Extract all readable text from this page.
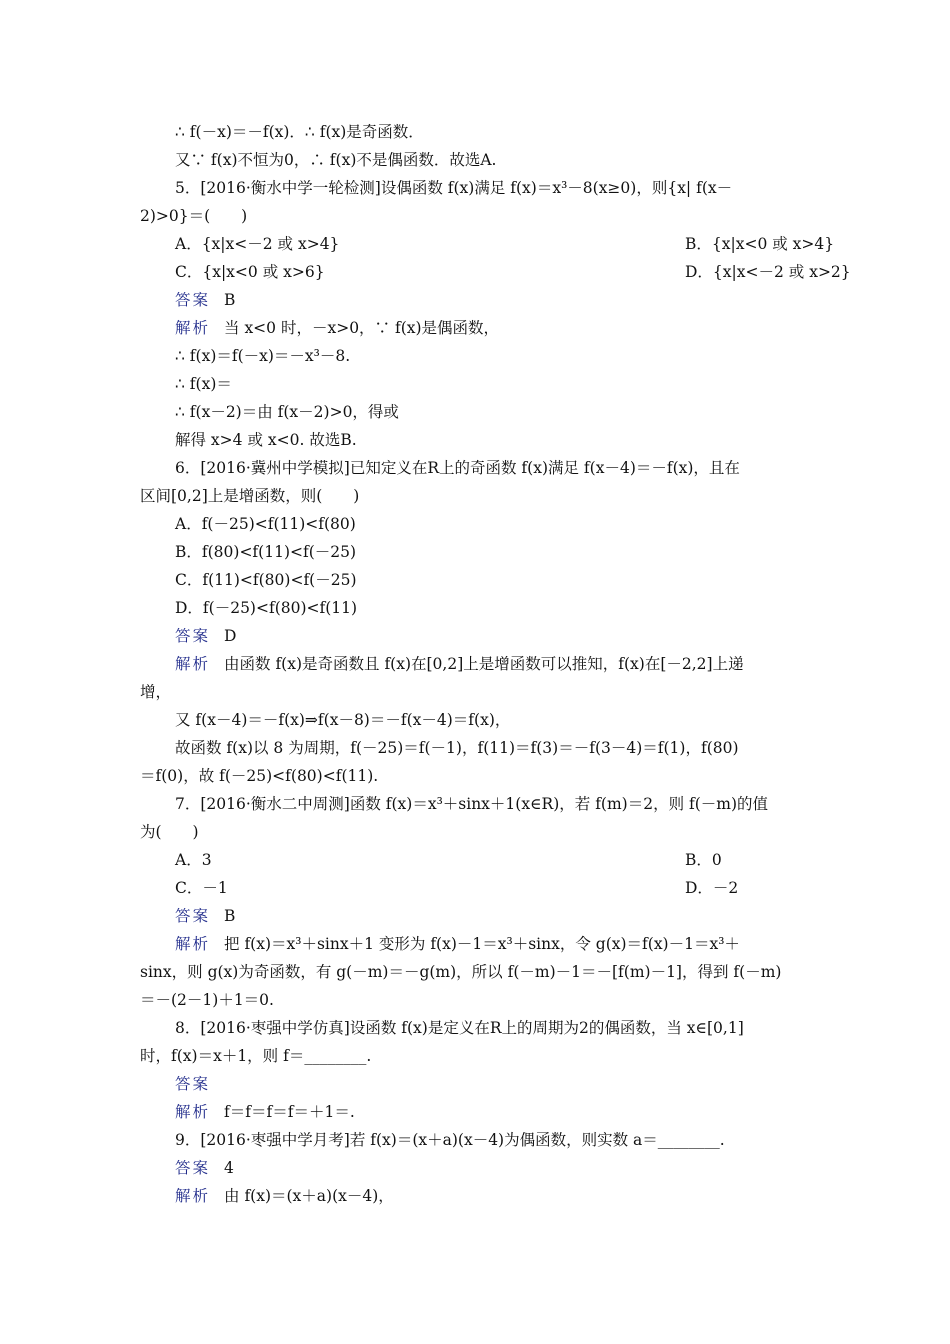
∴ f(－x)＝－f(x)．∴ f(x)是奇函数．
又∵ f(x)不恒为0，∴ f(x)不是偶函数．故选A.
5．[2016·衡水中学一轮检测]设偶函数 f(x)满足 f(x)＝x³－8(x≥0)，则{x| f(x－
2)>0}＝(　　)
A．{x|x<－2 或 x>4}	B．{x|x<0 或 x>4}
C．{x|x<0 或 x>6}	D．{x|x<－2 或 x>2}
答案 B
解析 当 x<0 时，－x>0，∵ f(x)是偶函数，
∴ f(x)＝f(－x)＝－x³－8.
∴ f(x)＝
∴ f(x－2)＝由 f(x－2)>0，得或
解得 x>4 或 x<0. 故选B.
6．[2016·冀州中学模拟]已知定义在R上的奇函数 f(x)满足 f(x－4)＝－f(x)，且在
区间[0,2]上是增函数，则(　　)
A．f(－25)<f(11)<f(80)
B．f(80)<f(11)<f(－25)
C．f(11)<f(80)<f(－25)
D．f(－25)<f(80)<f(11)
答案 D
解析 由函数 f(x)是奇函数且 f(x)在[0,2]上是增函数可以推知，f(x)在[－2,2]上递
增，
又 f(x－4)＝－f(x)⇒f(x－8)＝－f(x－4)＝f(x)，
故函数 f(x)以 8 为周期，f(－25)＝f(－1)，f(11)＝f(3)＝－f(3－4)＝f(1)，f(80)
＝f(0)，故 f(－25)<f(80)<f(11).
7．[2016·衡水二中周测]函数 f(x)＝x³＋sinx＋1(x∈R)，若 f(m)＝2，则 f(－m)的值
为(　　)
A．3	B．0
C．－1	D．－2
答案 B
解析 把 f(x)＝x³＋sinx＋1 变形为 f(x)－1＝x³＋sinx，令 g(x)＝f(x)－1＝x³＋
sinx，则 g(x)为奇函数，有 g(－m)＝－g(m)，所以 f(－m)－1＝－[f(m)－1]，得到 f(－m)
＝－(2－1)＋1＝0.
8．[2016·枣强中学仿真]设函数 f(x)是定义在R上的周期为2的偶函数，当 x∈[0,1]
时，f(x)＝x＋1，则 f＝________.
答案
解析 f＝f＝f＝f＝＋1＝.
9．[2016·枣强中学月考]若 f(x)＝(x＋a)(x－4)为偶函数，则实数 a＝________.
答案 4
解析 由 f(x)＝(x＋a)(x－4)，
